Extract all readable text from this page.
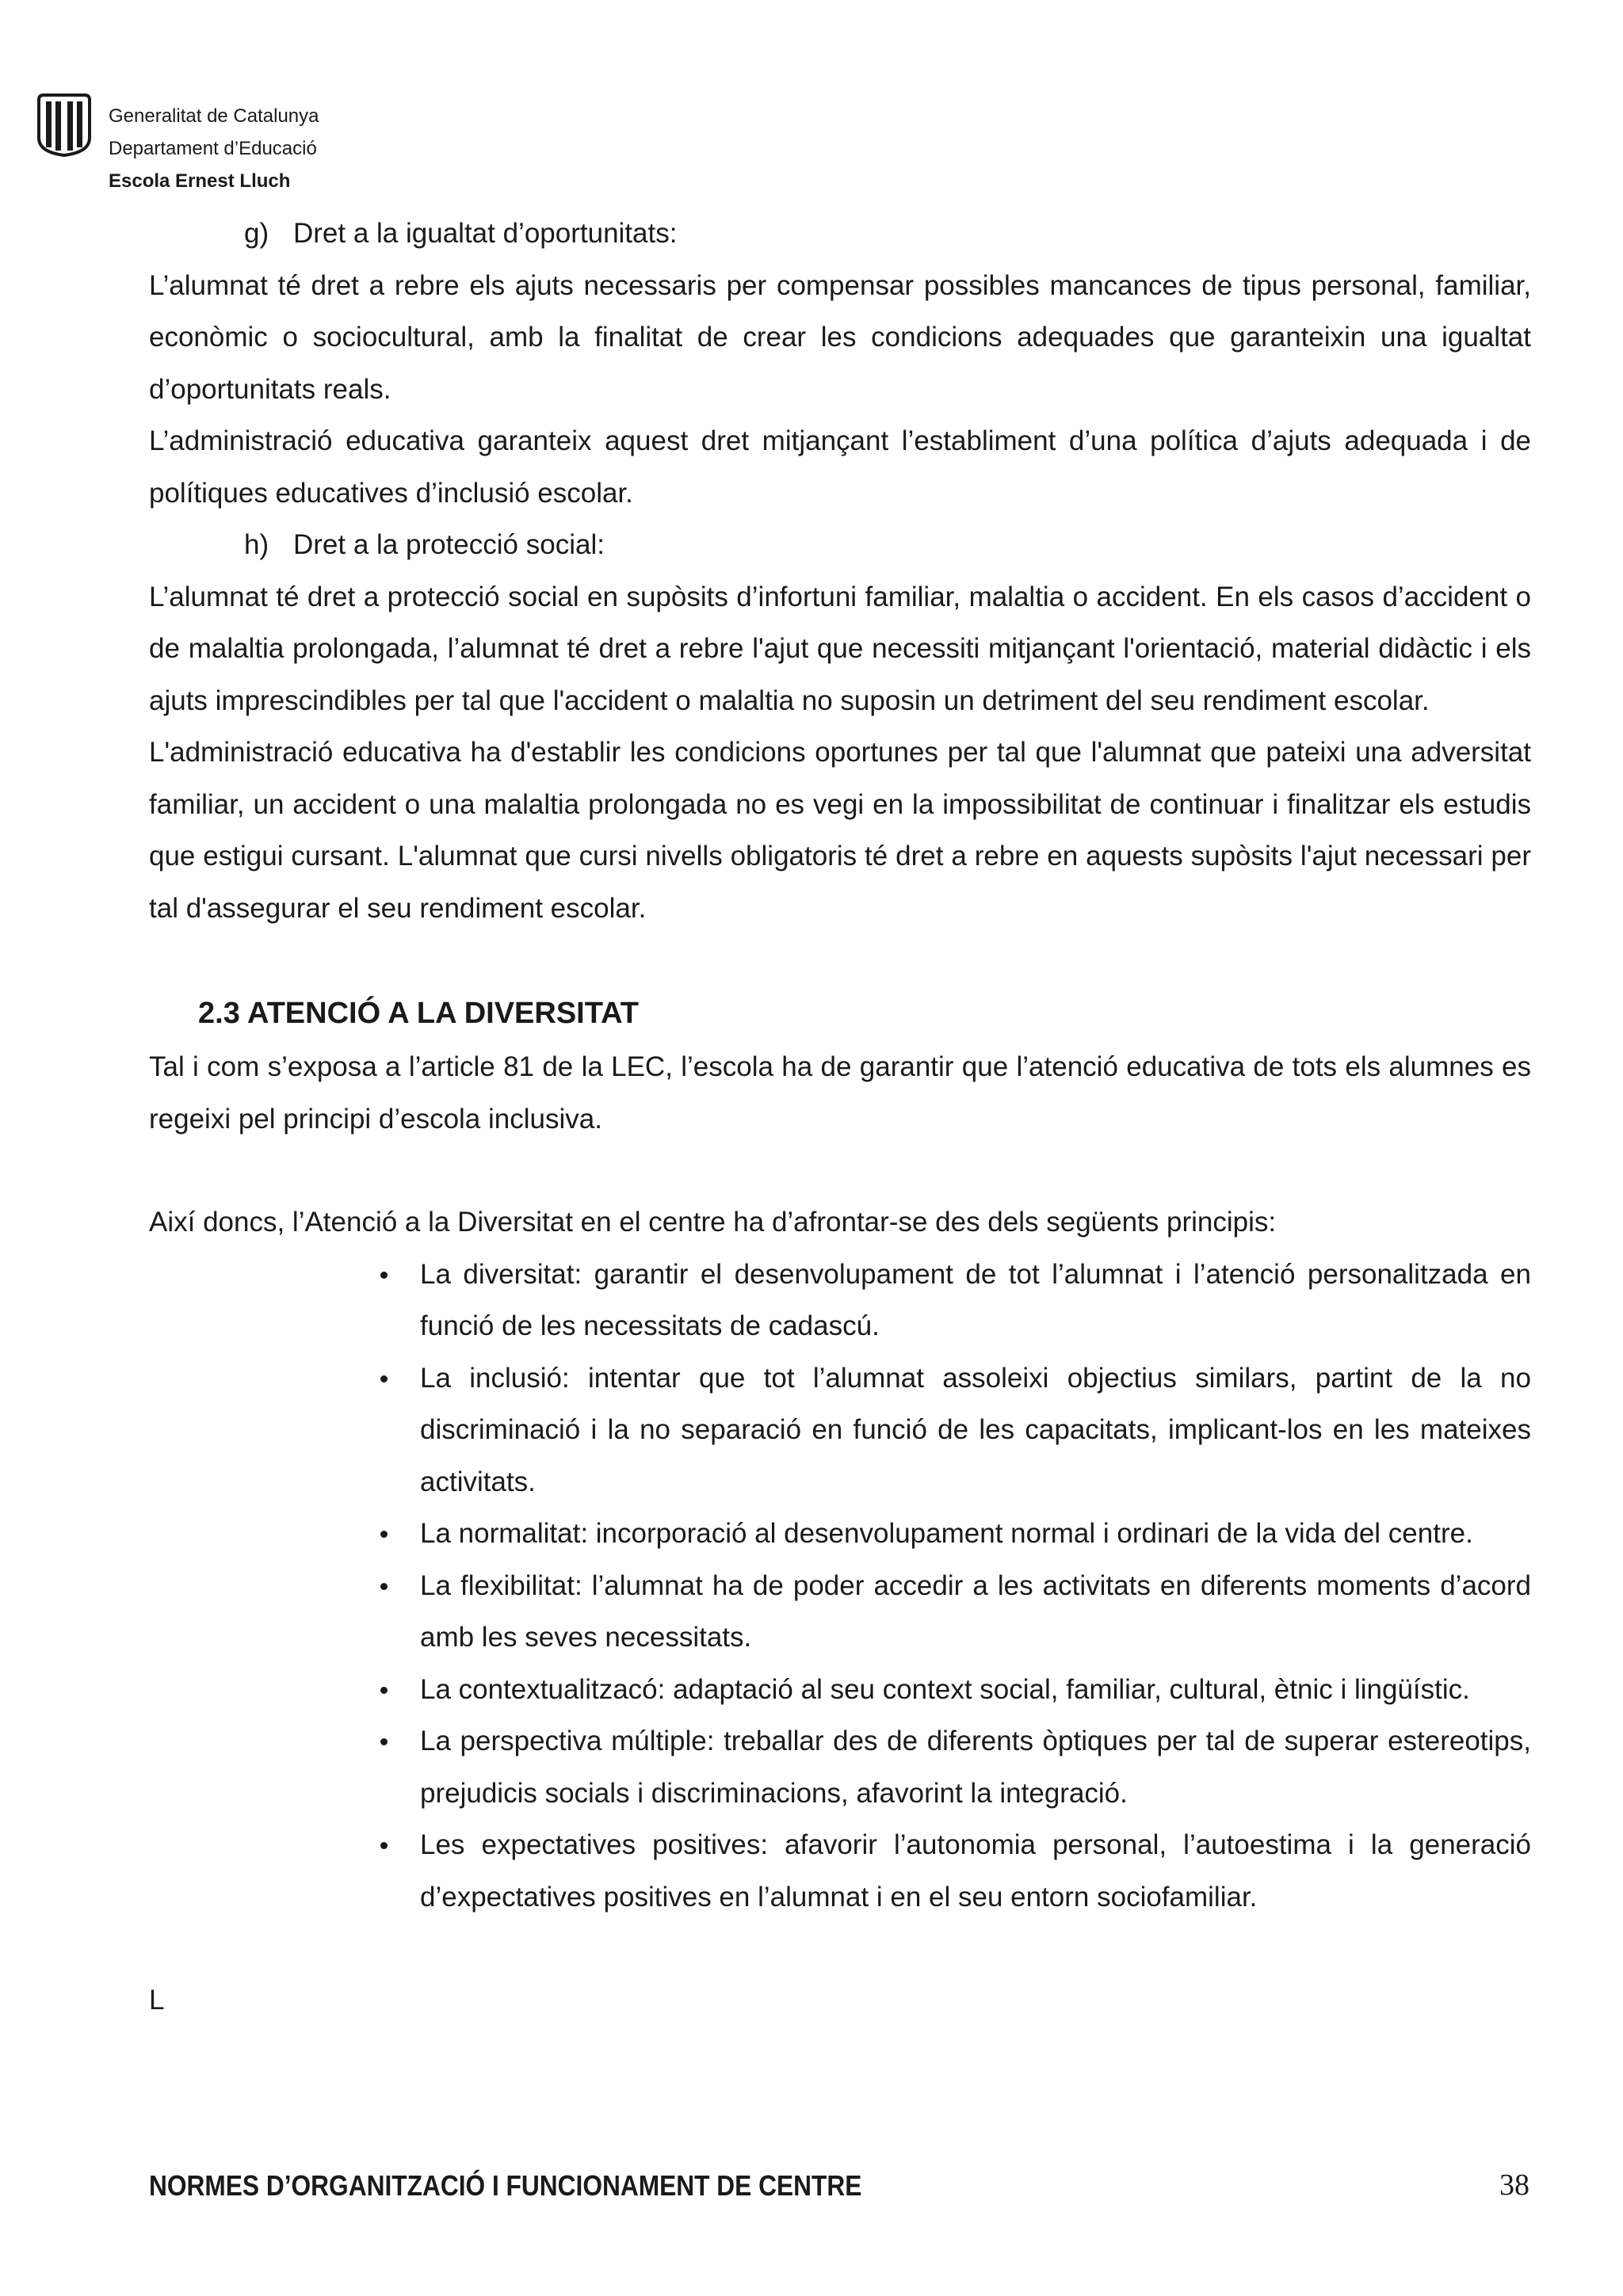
Generalitat de Catalunya
Departament d’Educació
Escola Ernest Lluch
g) Dret a la igualtat d’oportunitats:

L’alumnat té dret a rebre els ajuts necessaris per compensar possibles mancances de tipus personal, familiar, econòmic o sociocultural, amb la finalitat de crear les condicions adequades que garanteixin una igualtat d’oportunitats reals.

L’administració educativa garanteix aquest dret mitjançant l’establiment d’una política d’ajuts adequada i de polítiques educatives d’inclusió escolar.

h) Dret a la protecció social:

L’alumnat té dret a protecció social en supòsits d’infortuni familiar, malaltia o accident. En els casos d’accident o de malaltia prolongada, l’alumnat té dret a rebre l'ajut que necessiti mitjançant l'orientació, material didàctic i els ajuts imprescindibles per tal que l'accident o malaltia no suposin un detriment del seu rendiment escolar.

L'administració educativa ha d'establir les condicions oportunes per tal que l'alumnat que pateixi una adversitat familiar, un accident o una malaltia prolongada no es vegi en la impossibilitat de continuar i finalitzar els estudis que estigui cursant. L'alumnat que cursi nivells obligatoris té dret a rebre en aquests supòsits l'ajut necessari per tal d'assegurar el seu rendiment escolar.

2.3 ATENCIÓ A LA DIVERSITAT

Tal i com s’exposa a l’article 81 de la LEC, l’escola ha de garantir que l’atenció educativa de tots els alumnes es regeixi pel principi d’escola inclusiva.

Així doncs, l’Atenció a la Diversitat en el centre ha d’afrontar-se des dels següents principis:

La diversitat: garantir el desenvolupament de tot l’alumnat i l’atenció personalitzada en funció de les necessitats de cadascú.
La inclusió: intentar que tot l’alumnat assoleixi objectius similars, partint de la no discriminació i la no separació en funció de les capacitats, implicant-los en les mateixes activitats.
La normalitat: incorporació al desenvolupament normal i ordinari de la vida del centre.
La flexibilitat: l’alumnat ha de poder accedir a les activitats en diferents moments d’acord amb les seves necessitats.
La contextualitzacó: adaptació al seu context social, familiar, cultural, ètnic i lingüístic.
La perspectiva múltiple: treballar des de diferents òptiques per tal de superar estereotips, prejudicis socials i discriminacions, afavorint la integració.
Les expectatives positives: afavorir l’autonomia personal, l’autoestima i la generació d’expectatives positives en l’alumnat i en el seu entorn sociofamiliar.

L

NORMES D’ORGANITZACIÓ I FUNCIONAMENT DE CENTRE	38
